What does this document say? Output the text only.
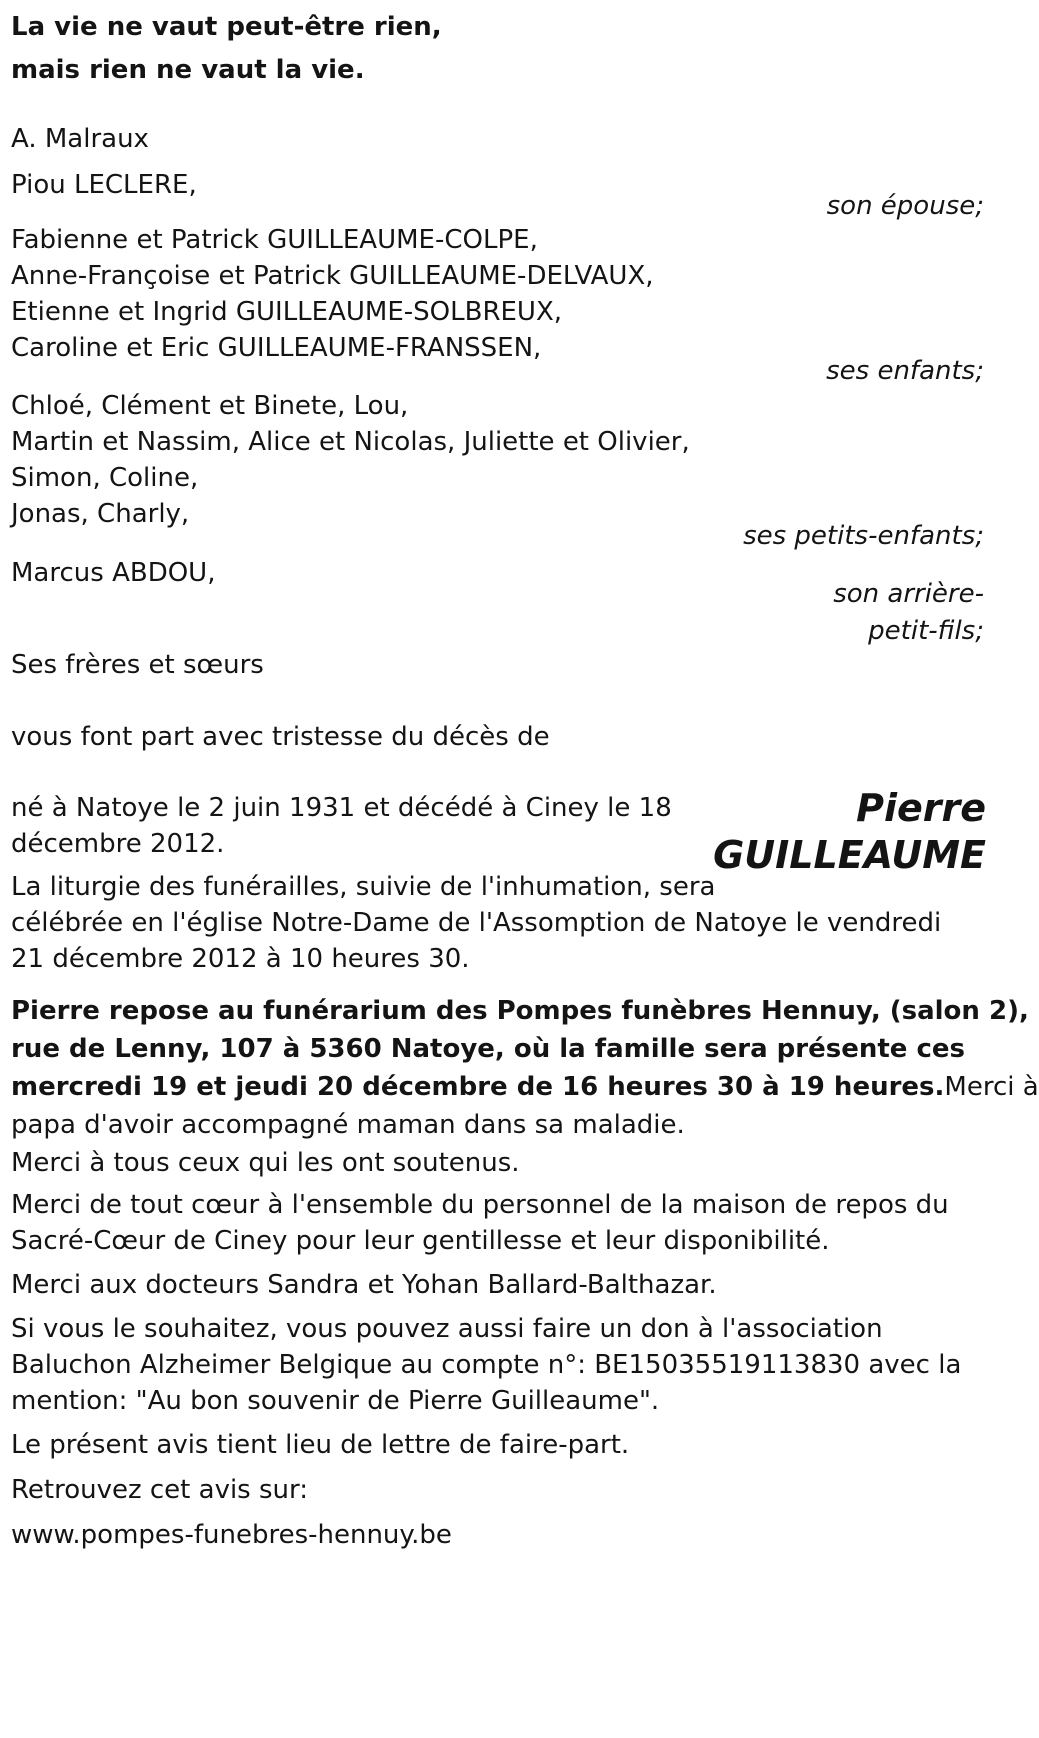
La vie ne vaut peut-être rien,

mais rien ne vaut la vie.

A. Malraux

Piou LECLERE,

son épouse;

Fabienne et Patrick GUILLEAUME-COLPE,

Anne-Françoise et Patrick GUILLEAUME-DELVAUX,

Etienne et Ingrid GUILLEAUME-SOLBREUX,

Caroline et Eric GUILLEAUME-FRANSSEN,

ses enfants;

Chloé, Clément et Binete, Lou,

Martin et Nassim, Alice et Nicolas, Juliette et Olivier,

Simon, Coline,

Jonas, Charly,

ses petits-enfants;

Marcus ABDOU,

son arrière-

petit-fils;

Ses frères et sœurs

vous font part avec tristesse du décès de

Pierre
GUILLEAUME

né à Natoye le 2 juin 1931 et décédé à Ciney le 18

décembre 2012.

La liturgie des funérailles, suivie de l'inhumation, sera

célébrée en l'église Notre-Dame de l'Assomption de Natoye le vendredi

21 décembre 2012 à 10 heures 30.

Pierre repose au funérarium des Pompes funèbres Hennuy, (salon 2),

rue de Lenny, 107 à 5360 Natoye, où la famille sera présente ces

mercredi 19 et jeudi 20 décembre de 16 heures 30 à 19 heures.Merci à

papa d'avoir accompagné maman dans sa maladie.

Merci à tous ceux qui les ont soutenus.

Merci de tout cœur à l'ensemble du personnel de la maison de repos du

Sacré-Cœur de Ciney pour leur gentillesse et leur disponibilité.

Merci aux docteurs Sandra et Yohan Ballard-Balthazar.

Si vous le souhaitez, vous pouvez aussi faire un don à l'association

Baluchon Alzheimer Belgique au compte n°: BE15035519113830 avec la

mention: "Au bon souvenir de Pierre Guilleaume".

Le présent avis tient lieu de lettre de faire-part.

Retrouvez cet avis sur:

www.pompes-funebres-hennuy.be
